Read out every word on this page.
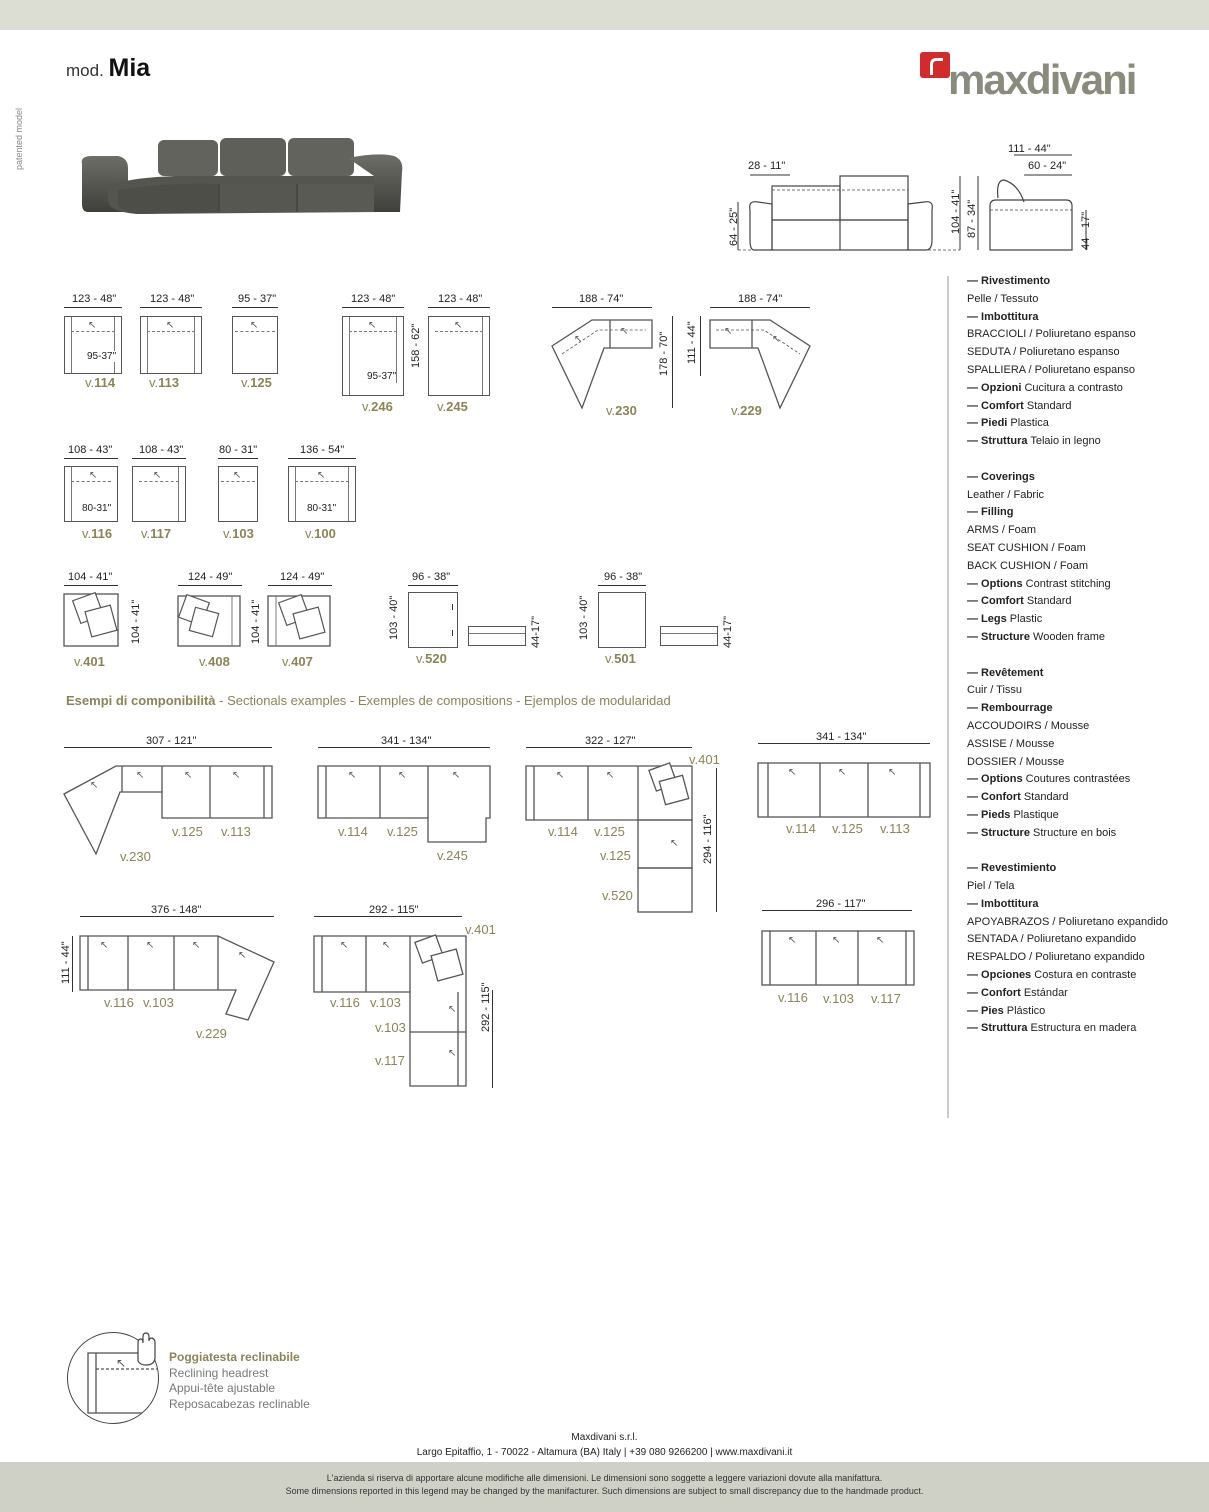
mod. Mia
patented model
maxdivani
111 - 44"
60 - 24"
28 - 11"
64 - 25"	104 - 41" 87 - 34"	44 - 17"
123 - 48"
↖
95-37"
v.114
123 - 48"
↖
v.113
95 - 37"
↖
v.125
123 - 48"
↖
95-37"
158 - 62"
v.246
123 - 48"
↖
v.245
188 - 74"
↖
↖
178 - 70"
v.230
188 - 74"
111 - 44"	↖
↖
v.229
108 - 43"
↖
80-31"
v.116
108 - 43"
↖
v.117
80 - 31"
↖
v.103
136 - 54"
↖
80-31"
v.100
104 - 41"
104 - 41"
v.401
124 - 49"
104 - 41"
v.408
124 - 49"
v.407
96 - 38"
103 - 40"	44-17"
v.520
96 - 38"
103 - 40"	44-17"
v.501
Esempi di componibilità - Sectionals examples - Exemples de compositions - Ejemplos de modularidad
307 - 121"
↖
↖	↖	↖
v.125 v.113
v.230
341 - 134"
↖	↖	↖
v.114 v.125
v.245
322 - 127"
↖	↖
↖ 294 - 116"
v.401
v.114 v.125
v.125
v.520
341 - 134"
↖	↖	↖
v.114 v.125 v.113
376 - 148"
111 - 44"	↖	↖	↖
↖
v.116 v.103
v.229
292 - 115"
↖	↖
↖
↖
292 - 115"
v.401
v.116 v.103
v.103
v.117
296 - 117"
↖	↖	↖
v.116 v.103 v.117
— Rivestimento
Pelle / Tessuto
— Imbottitura
BRACCIOLI / Poliuretano espanso
SEDUTA / Poliuretano espanso
SPALLIERA / Poliuretano espanso
— Opzioni Cucitura a contrasto
— Comfort Standard
— Piedi Plastica
— Struttura Telaio in legno
— Coverings
Leather / Fabric
— Filling
ARMS / Foam
SEAT CUSHION / Foam
BACK CUSHION / Foam
— Options Contrast stitching
— Comfort Standard
— Legs Plastic
— Structure Wooden frame
— Revêtement
Cuir / Tissu
— Rembourrage
ACCOUDOIRS / Mousse
ASSISE / Mousse
DOSSIER / Mousse
— Options Coutures contrastées
— Confort Standard
— Pieds Plastique
— Structure Structure en bois
— Revestimiento
Piel / Tela
— Imbottitura
APOYABRAZOS / Poliuretano expandido
SENTADA / Poliuretano expandido
RESPALDO / Poliuretano expandido
— Opciones Costura en contraste
— Confort Estándar
— Pies Plástico
— Struttura Estructura en madera
↖	Poggiatesta reclinabile
Reclining headrest
Appui-tête ajustable
Reposacabezas reclinable
Maxdivani s.r.l.
Largo Epitaffio, 1 - 70022 - Altamura (BA) Italy | +39 080 9266200 | www.maxdivani.it
L'azienda si riserva di apportare alcune modifiche alle dimensioni. Le dimensioni sono soggette a leggere variazioni dovute alla manifattura.
Some dimensions reported in this legend may be changed by the manifacturer. Such dimensions are subject to small discrepancy due to the handmade product.
